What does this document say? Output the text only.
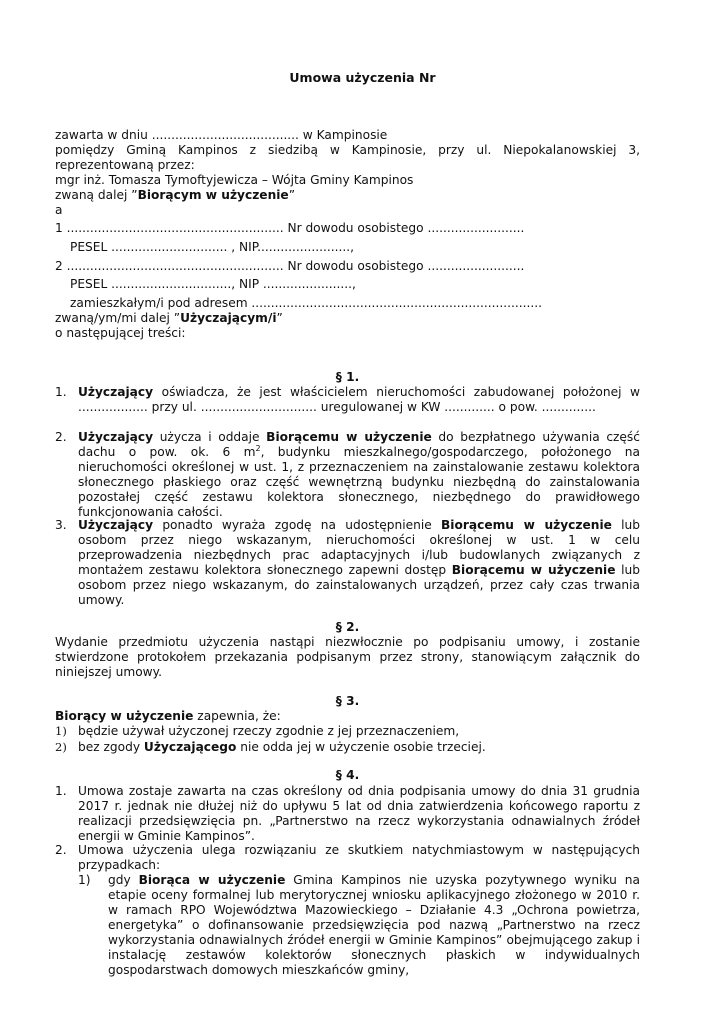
Umowa użyczenia Nr
zawarta w dniu ...................................... w Kampinosie
pomiędzy Gminą Kampinos z siedzibą w Kampinosie, przy ul. Niepokalanowskiej 3, reprezentowaną przez:
mgr inż. Tomasza Tymoftyjewicza – Wójta Gminy Kampinos
zwaną dalej ”Biorącym w użyczenie”
a
1 ........................................................ Nr dowodu osobistego .........................
PESEL .............................. , NIP........................,
2 ........................................................ Nr dowodu osobistego .........................
PESEL ..............................., NIP .......................,
zamieszkałym/i pod adresem ...........................................................................
zwaną/ym/mi dalej ”Użyczającym/i”
o następującej treści:
§ 1.
1. Użyczający oświadcza, że jest właścicielem nieruchomości zabudowanej położonej w .................. przy ul. .............................. uregulowanej w KW ............. o pow. ..............
2. Użyczający użycza i oddaje Biorącemu w użyczenie do bezpłatnego używania część dachu o pow. ok. 6 $m^2$, budynku mieszkalnego/gospodarczego, położonego na nieruchomości określonej w ust. 1, z przeznaczeniem na zainstalowanie zestawu kolektora słonecznego płaskiego oraz część wewnętrzną budynku niezbędną do zainstalowania pozostałej część zestawu kolektora słonecznego, niezbędnego do prawidłowego funkcjonowania całości.
3. Użyczający ponadto wyraża zgodę na udostępnienie Biorącemu w użyczenie lub osobom przez niego wskazanym, nieruchomości określonej w ust. 1 w celu przeprowadzenia niezbędnych prac adaptacyjnych i/lub budowlanych związanych z montażem zestawu kolektora słonecznego zapewni dostęp Biorącemu w użyczenie lub osobom przez niego wskazanym, do zainstalowanych urządzeń, przez cały czas trwania umowy.
§ 2.
Wydanie przedmiotu użyczenia nastąpi niezwłocznie po podpisaniu umowy, i zostanie stwierdzone protokołem przekazania podpisanym przez strony, stanowiącym załącznik do niniejszej umowy.
§ 3.
Biorący w użyczenie zapewnia, że:
1) będzie używał użyczonej rzeczy zgodnie z jej przeznaczeniem,
2) bez zgody Użyczającego nie odda jej w użyczenie osobie trzeciej.
§ 4.
1. Umowa zostaje zawarta na czas określony od dnia podpisania umowy do dnia 31 grudnia 2017 r. jednak nie dłużej niż do upływu 5 lat od dnia zatwierdzenia końcowego raportu z realizacji przedsięwzięcia pn. „Partnerstwo na rzecz wykorzystania odnawialnych źródeł energii w Gminie Kampinos”.
2. Umowa użyczenia ulega rozwiązaniu ze skutkiem natychmiastowym w następujących przypadkach:
1) gdy Biorąca w użyczenie Gmina Kampinos nie uzyska pozytywnego wyniku na etapie oceny formalnej lub merytorycznej wniosku aplikacyjnego złożonego w 2010 r. w ramach RPO Województwa Mazowieckiego – Działanie 4.3 „Ochrona powietrza, energetyka” o dofinansowanie przedsięwzięcia pod nazwą „Partnerstwo na rzecz wykorzystania odnawialnych źródeł energii w Gminie Kampinos” obejmującego zakup i instalację zestawów kolektorów słonecznych płaskich w indywidualnych gospodarstwach domowych mieszkańców gminy,
